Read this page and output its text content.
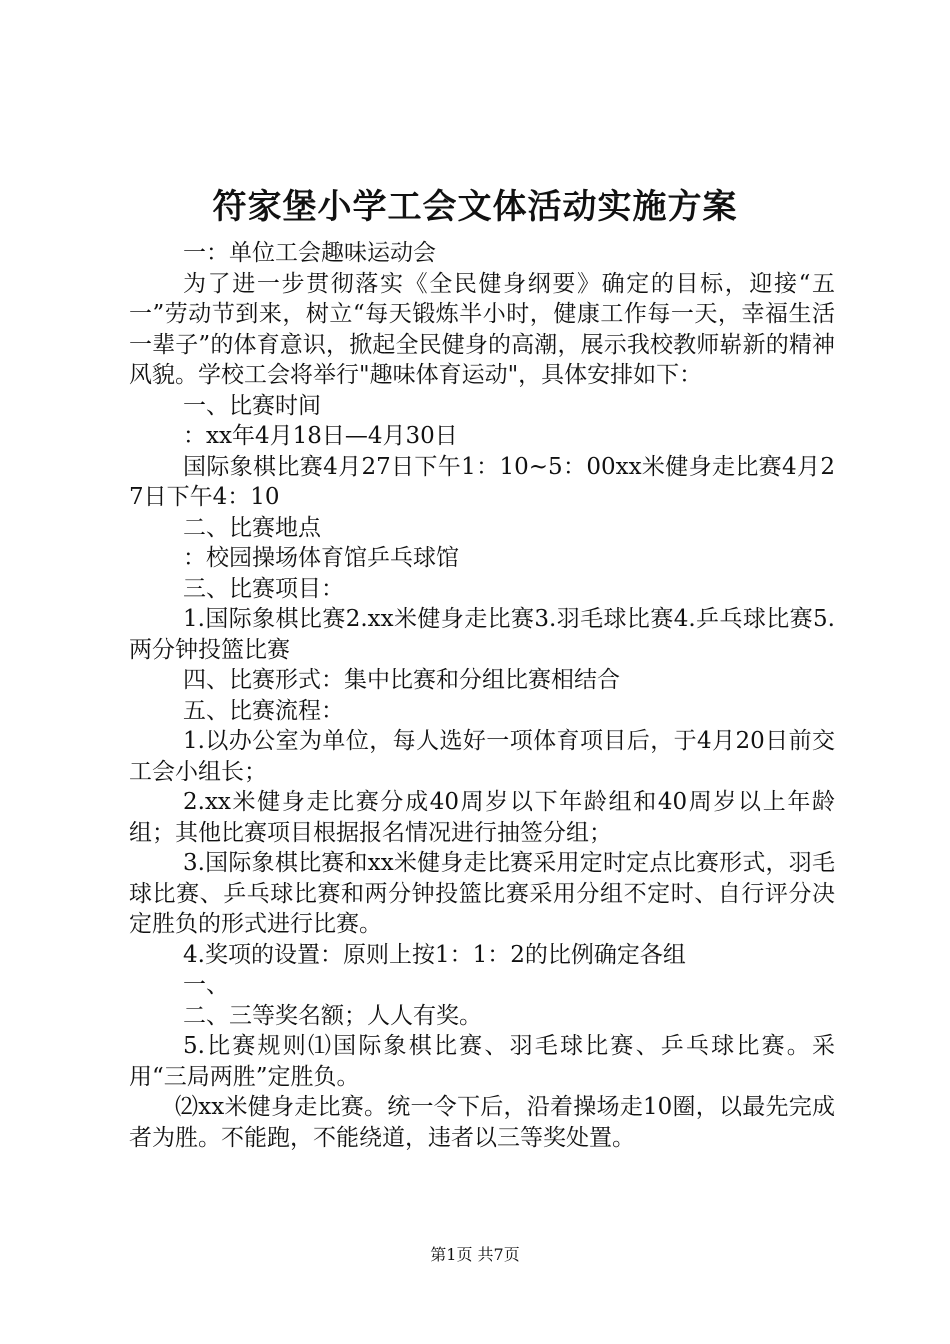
符家堡小学工会文体活动实施方案

一：单位工会趣味运动会

为了进一步贯彻落实《全民健身纲要》确定的目标，迎接“五一”劳动节到来，树立“每天锻炼半小时，健康工作每一天，幸福生活一辈子”的体育意识，掀起全民健身的高潮，展示我校教师崭新的精神风貌。学校工会将举行"趣味体育运动"，具体安排如下：

一、比赛时间

：xx年4月18日—4月30日

国际象棋比赛4月27日下午1：10~5：00xx米健身走比赛4月27日下午4：10

二、比赛地点

：校园操场体育馆乒乓球馆

三、比赛项目：

1.国际象棋比赛2.xx米健身走比赛3.羽毛球比赛4.乒乓球比赛5.两分钟投篮比赛

四、比赛形式：集中比赛和分组比赛相结合

五、比赛流程：

1.以办公室为单位，每人选好一项体育项目后，于4月20日前交工会小组长；

2.xx米健身走比赛分成40周岁以下年龄组和40周岁以上年龄组；其他比赛项目根据报名情况进行抽签分组；

3.国际象棋比赛和xx米健身走比赛采用定时定点比赛形式，羽毛球比赛、乒乓球比赛和两分钟投篮比赛采用分组不定时、自行评分决定胜负的形式进行比赛。

4.奖项的设置：原则上按1：1：2的比例确定各组

一、

二、三等奖名额；人人有奖。

5.比赛规则⑴国际象棋比赛、羽毛球比赛、乒乓球比赛。采用“三局两胜”定胜负。

⑵xx米健身走比赛。统一令下后，沿着操场走10圈，以最先完成者为胜。不能跑，不能绕道，违者以三等奖处置。

第1页 共7页
